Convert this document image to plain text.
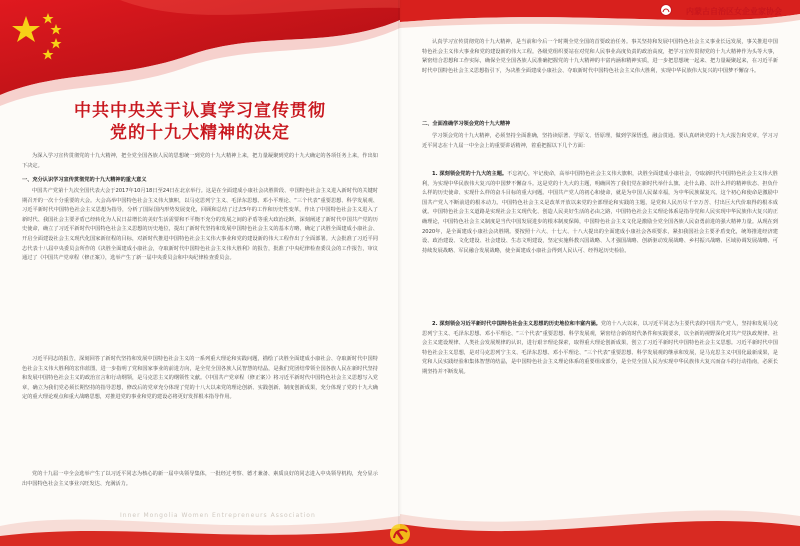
中共中央关于认真学习宣传贯彻
党的十九大精神的决定
为深入学习宣传贯彻党的十九大精神，把全党全国各族人民的思想统一到党的十九大精神上来，把力量凝聚到党的十九大确定的各项任务上来，作出如下决定。
一、充分认识学习宣传贯彻党的十九大精神的重大意义
中国共产党第十九次全国代表大会于2017年10月18日至24日在北京举行。这是在全面建成小康社会决胜阶段、中国特色社会主义进入新时代的关键时期召开的一次十分重要的大会。大会高举中国特色社会主义伟大旗帜，以马克思列宁主义、毛泽东思想、邓小平理论、“三个代表”重要思想、科学发展观、习近平新时代中国特色社会主义思想为指导，分析了国际国内形势发展变化，回顾和总结了过去5年的工作和历史性变革，作出了中国特色社会主义进入了新时代、我国社会主要矛盾已经转化为人民日益增长的美好生活需要和不平衡不充分的发展之间的矛盾等重大政治论断，深刻阐述了新时代中国共产党的历史使命，确立了习近平新时代中国特色社会主义思想的历史地位，提出了新时代坚持和发展中国特色社会主义的基本方略，确定了决胜全面建成小康社会、开启全面建设社会主义现代化国家新征程的目标，对新时代推进中国特色社会主义伟大事业和党的建设新的伟大工程作出了全面部署。大会批准了习近平同志代表十八届中央委员会所作的《决胜全面建成小康社会，夺取新时代中国特色社会主义伟大胜利》的报告，批准了中央纪律检查委员会的工作报告，审议通过了《中国共产党章程（修正案）》，选举产生了新一届中央委员会和中央纪律检查委员会。
习近平同志的报告，深刻回答了新时代坚持和发展中国特色社会主义的一系列重大理论和实践问题，描绘了决胜全面建成小康社会、夺取新时代中国特色社会主义伟大胜利的宏伟蓝图，进一步指明了党和国家事业的前进方向，是全党全国各族人民智慧的结晶，是我们党团结带领全国各族人民在新时代坚持和发展中国特色社会主义的政治宣言和行动纲领，是马克思主义的纲领性文献。《中国共产党章程（修正案）》将习近平新时代中国特色社会主义思想写入党章，确立为我们党必须长期坚持的指导思想，修改后的党章充分体现了党的十八大以来党的理论创新、实践创新、制度创新成果，充分体现了党的十九大确定的重大理论观点和重大战略思想，对推进党的事业和党的建设必将更好发挥根本指导作用。
党的十九届一中全会选举产生了以习近平同志为核心的新一届中央领导集体，一批经过考察、德才兼备、素质良好的同志进入中央领导机构，充分显示出中国特色社会主义事业兴旺发达、充满活力。
Inner Mongolia Women Entrepreneurs Association
内蒙古自治区女企业家协会
认真学习宣传贯彻党的十九大精神，是当前和今后一个时期全党全国的首要政治任务。事关坚持和发展中国特色社会主义事业长远发展，事关推进中国特色社会主义伟大事业和党的建设新的伟大工程。各级党组织要站在对党和人民事业高度负责的政治高度，把学习宣传贯彻党的十九大精神作为头等大事，紧密结合思想和工作实际，确保全党全国各族人民准确把握党的十九大精神的丰富内涵和精神实质，进一步把思想统一起来、把力量凝聚起来，在习近平新时代中国特色社会主义思想指引下，为决胜全面建成小康社会、夺取新时代中国特色社会主义伟大胜利，实现中华民族伟大复兴的中国梦不懈奋斗。
二、全面准确学习领会党的十九大精神
学习领会党的十九大精神，必须坚持全面准确，坚持读原著、学原文、悟原理，做到学深悟透，融会贯通。要认真研读党的十九大报告和党章，学习习近平同志在十九届一中全会上的重要讲话精神，着重把握以下几个方面：
1. 深刻领会党的十九大的主题。不忘初心，牢记使命，高举中国特色社会主义伟大旗帜，决胜全面建成小康社会，夺取新时代中国特色社会主义伟大胜利，为实现中华民族伟大复兴的中国梦不懈奋斗。这是党的十九大的主题，明确回答了我们党在新时代举什么旗、走什么路、以什么样的精神状态、担负什么样的历史使命、实现什么样的奋斗目标的重大问题。中国共产党人的初心和使命，就是为中国人民谋幸福，为中华民族谋复兴。这个初心和使命是激励中国共产党人不断前进的根本动力。中国特色社会主义是改革开放以来党的全部理论和实践的主题，是党和人民历尽千辛万苦、付出巨大代价取得的根本成就。中国特色社会主义道路是实现社会主义现代化、创造人民美好生活的必由之路，中国特色社会主义理论体系是指导党和人民实现中华民族伟大复兴的正确理论，中国特色社会主义制度是当代中国发展进步的根本制度保障，中国特色社会主义文化是激励全党全国各族人民奋勇前进的强大精神力量。从现在到2020年，是全面建成小康社会决胜期。要按照十六大、十七大、十八大提出的全面建成小康社会各项要求，紧扣我国社会主要矛盾变化，统筹推进经济建设、政治建设、文化建设、社会建设、生态文明建设，坚定实施科教兴国战略、人才强国战略、创新驱动发展战略、乡村振兴战略、区域协调发展战略、可持续发展战略、军民融合发展战略，使全面建成小康社会得到人民认可、经得起历史检验。
2. 深刻领会习近平新时代中国特色社会主义思想的历史地位和丰富内涵。党的十八大以来，以习近平同志为主要代表的中国共产党人，坚持和发展马克思列宁主义、毛泽东思想、邓小平理论、“三个代表”重要思想、科学发展观，紧密结合新的时代条件和实践要求，以全新的视野深化对共产党执政规律、社会主义建设规律、人类社会发展规律的认识，进行艰辛理论探索，取得重大理论创新成果，创立了习近平新时代中国特色社会主义思想。习近平新时代中国特色社会主义思想，是对马克思列宁主义、毛泽东思想、邓小平理论、“三个代表”重要思想、科学发展观的继承和发展，是马克思主义中国化最新成果，是党和人民实践经验和集体智慧的结晶，是中国特色社会主义理论体系的重要组成部分，是全党全国人民为实现中华民族伟大复兴而奋斗的行动指南，必须长期坚持并不断发展。
